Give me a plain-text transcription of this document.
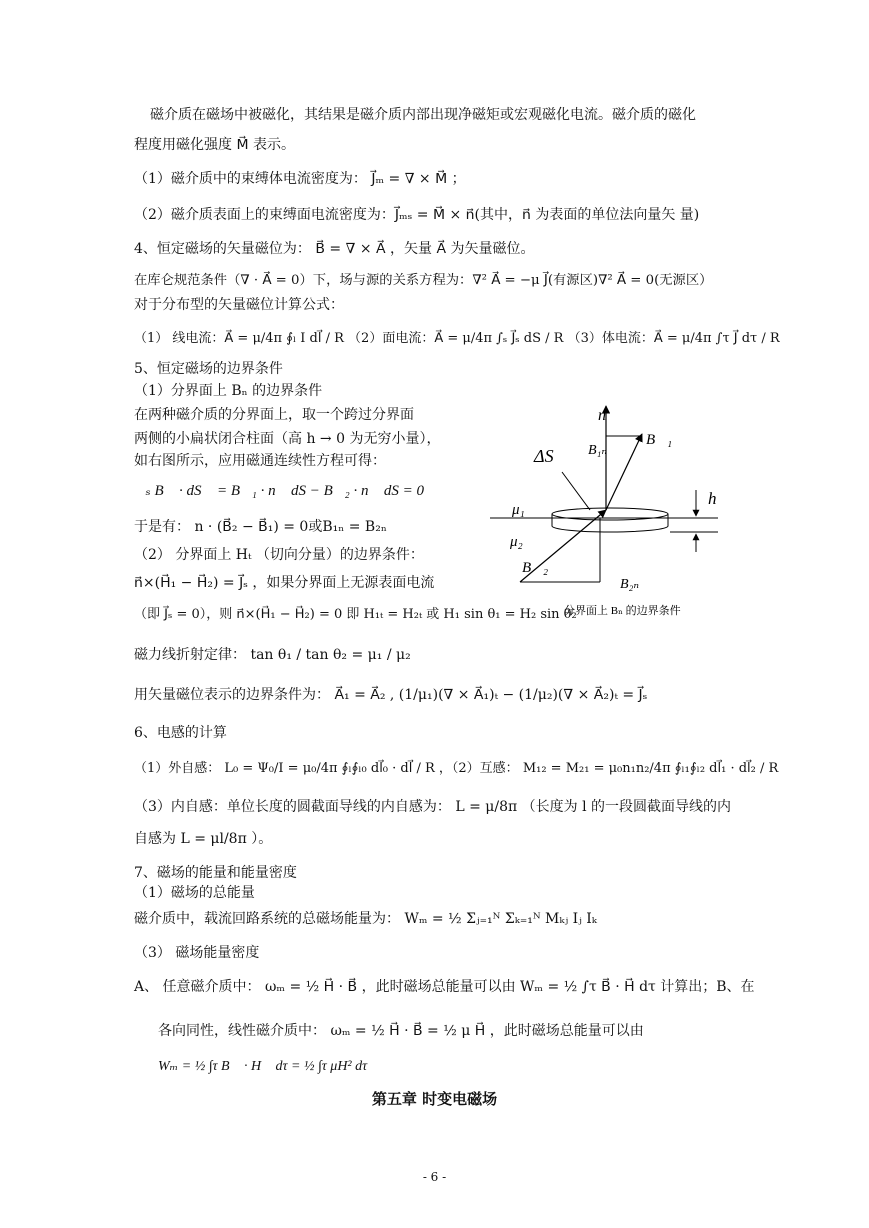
磁介质在磁场中被磁化，其结果是磁介质内部出现净磁矩或宏观磁化电流。磁介质的磁化
程度用磁化强度 M⃗ 表示。
（1）磁介质中的束缚体电流密度为： J⃗ₘ = ∇ × M⃗ ；
（2）磁介质表面上的束缚面电流密度为：J⃗ₘₛ = M⃗ × n⃗(其中，n⃗ 为表面的单位法向量矢 量)
4、恒定磁场的矢量磁位为： B⃗ = ∇ × A⃗ ，矢量 A⃗ 为矢量磁位。
在库仑规范条件（∇ · A⃗ = 0）下，场与源的关系方程为：∇² A⃗ = −μ J⃗(有源区)∇² A⃗ = 0(无源区）
对于分布型的矢量磁位计算公式：
（1） 线电流：A⃗ = μ/4π ∮ₗ I dl⃗ / R （2）面电流：A⃗ = μ/4π ∫ₛ J⃗ₛ dS / R （3）体电流：A⃗ = μ/4π ∫τ J⃗ dτ / R
5、恒定磁场的边界条件
（1）分界面上 Bₙ 的边界条件
在两种磁介质的分界面上，取一个跨过分界面
两侧的小扁状闭合柱面（高 h → 0 为无穷小量），
如右图所示，应用磁通连续性方程可得：
∮ₛ B⃗ · dS⃗ = B⃗₁ · n⃗ dS − B⃗₂ · n⃗ dS = 0
于是有： n · (B⃗₂ − B⃗₁) = 0或B₁ₙ = B₂ₙ
（2） 分界面上 Hₜ （切向分量）的边界条件：
n⃗×(H⃗₁ − H⃗₂) = J⃗ₛ ，如果分界面上无源表面电流
（即 J⃗ₛ = 0），则 n⃗×(H⃗₁ − H⃗₂) = 0 即 H₁ₜ = H₂ₜ 或 H₁ sin θ₁ = H₂ sin θ₂
磁力线折射定律： tan θ₁ / tan θ₂ = μ₁ / μ₂
用矢量磁位表示的边界条件为： A⃗₁ = A⃗₂ , (1/μ₁)(∇ × A⃗₁)ₜ − (1/μ₂)(∇ × A⃗₂)ₜ = J⃗ₛ
6、电感的计算
（1）外自感： L₀ = Ψ₀/I = μ₀/4π ∮ₗ∮ₗ₀ dl⃗₀ · dl⃗ / R ，（2）互感： M₁₂ = M₂₁ = μ₀n₁n₂/4π ∮ₗ₁∮ₗ₂ dl⃗₁ · dl⃗₂ / R
（3）内自感：单位长度的圆截面导线的内自感为： L = μ/8π （长度为 l 的一段圆截面导线的内
自感为 L = μl/8π ）。
7、磁场的能量和能量密度
（1）磁场的总能量
磁介质中，载流回路系统的总磁场能量为： Wₘ = ½ Σⱼ₌₁ᴺ Σₖ₌₁ᴺ Mₖⱼ Iⱼ Iₖ
（3） 磁场能量密度
A、 任意磁介质中： ωₘ = ½ H⃗ · B⃗ ，此时磁场总能量可以由 Wₘ = ½ ∫τ B⃗ · H⃗ dτ 计算出；B、在
各向同性，线性磁介质中： ωₘ = ½ H⃗ · B⃗ = ½ μ H⃗ ，此时磁场总能量可以由
Wₘ = ½ ∫τ B⃗ · H⃗ dτ = ½ ∫τ μH² dτ
第五章 时变电磁场
- 6 -
n⃗
B⃗₁
B₁ₙ
ΔS
h
μ₁
μ₂
B⃗₂
B₂ₙ
分界面上 Bₙ 的边界条件
